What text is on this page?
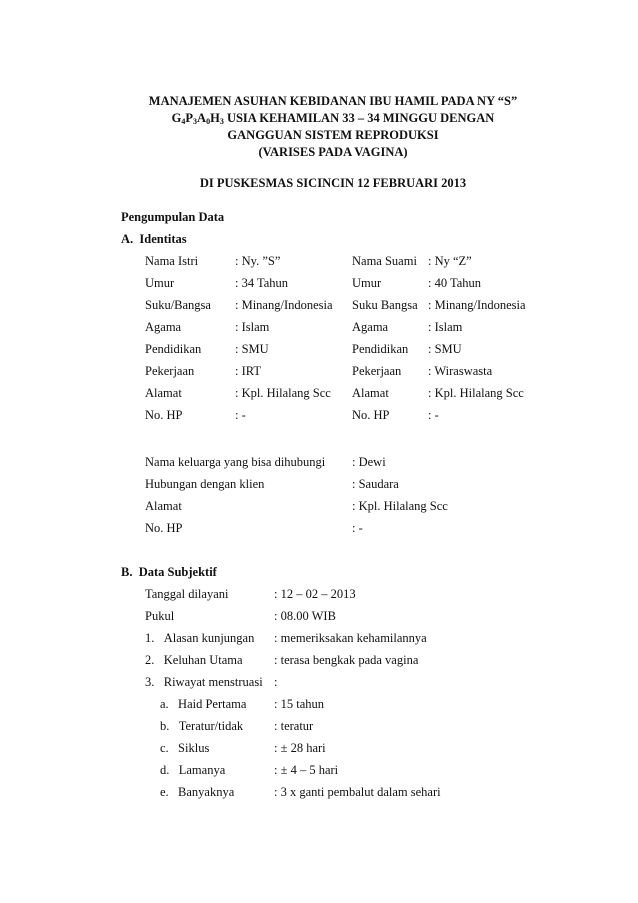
MANAJEMEN ASUHAN KEBIDANAN IBU HAMIL PADA NY “S”
$G_4P_3A_0H_3$ USIA KEHAMILAN 33 – 34 MINGGU DENGAN
GANGGUAN SISTEM REPRODUKSI
(VARISES PADA VAGINA)
DI PUSKESMAS SICINCIN 12 FEBRUARI 2013
Pengumpulan Data
A.  Identitas
Nama Istri	: Ny. ”S”	Nama Suami : Ny “Z”
Umur	: 34 Tahun	Umur	: 40 Tahun
Suku/Bangsa : Minang/Indonesia Suku Bangsa : Minang/Indonesia
Agama	: Islam	Agama	: Islam
Pendidikan	: SMU	Pendidikan : SMU
Pekerjaan	: IRT	Pekerjaan : Wiraswasta
Alamat	: Kpl. Hilalang Scc Alamat	: Kpl. Hilalang Scc
No. HP	: -	No. HP	: -
Nama keluarga yang bisa dihubungi : Dewi
Hubungan dengan klien	: Saudara
Alamat	: Kpl. Hilalang Scc
No. HP	: -
B.  Data Subjektif
Tanggal dilayani	: 12 – 02 – 2013
Pukul	: 08.00 WIB
1.   Alasan kunjungan : memeriksakan kehamilannya
2.   Keluhan Utama	: terasa bengkak pada vagina
3.   Riwayat menstruasi :
a.   Haid Pertama : 15 tahun
b.   Teratur/tidak : teratur
c.   Siklus	: ± 28 hari
d.   Lamanya	: ± 4 – 5 hari
e.   Banyaknya	: 3 x ganti pembalut dalam sehari
